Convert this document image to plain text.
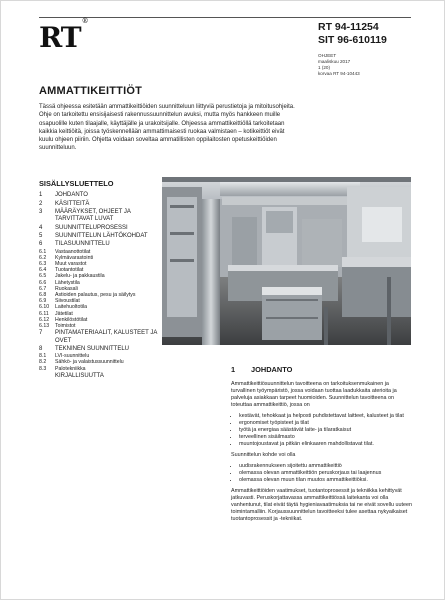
RT®
RT 94-11254
SIT 96-610119
OHJEET
maaliskuu 2017
1 (20)
korvaa RT 94-10443
AMMATTIKEITTIÖT

Tässä ohjeessa esitetään ammattikeittiöiden suunnitteluun liittyviä perustietoja ja mitoitusohjeita. Ohje on tarkoitettu ensisijaisesti rakennussuunnittelun avuksi, mutta myös hankkeen muille osapuolille kuten tilaajalle, käyttäjälle ja urakoitsijalle. Ohjeessa ammattikeittiöllä tarkoitetaan kaikkia keittiöitä, joissa työskennellään ammattimaisesti ruokaa valmistaen – kotikeittiöt eivät kuulu ohjeen piiriin. Ohjetta voidaan soveltaa ammatillisten oppilaitosten opetuskeittiöiden suunnitteluun.

SISÄLLYSLUETTELO
1	JOHDANTO
2	KÄSITTEITÄ
3	MÄÄRÄYKSET, OHJEET JA TARVITTAVAT LUVAT
4	SUUNNITTELUPROSESSI
5	SUUNNITTELUN LÄHTÖKOHDAT
6	TILASUUNNITTELU
6.1	Vastaanottotilat
6.2	Kylmävarastointi
6.3	Muut varastot
6.4	Tuotantotilat
6.5	Jakelu- ja pakkaustila
6.6	Lähetystila
6.7	Ruokasali
6.8	Astioiden palautus, pesu ja säilytys
6.9	Siivoustilat
6.10	Laitehuoltotila
6.11	Jätetilat
6.12	Henkilöstötilat
6.13	Toimistot
7	PINTAMATERIAALIT, KALUSTEET JA OVET
8	TEKNINEN SUUNNITTELU
8.1	LVI-suunnittelu
8.2	Sähkö- ja valaistussuunnittelu
8.3	Palotekniikka
KIRJALLISUUTTA
1 JOHDANTO

Ammattikeittiösuunnittelun tavoitteena on tarkoituksenmukainen ja turvallinen työympäristö, jossa voidaan tuottaa laadukkaita aterioita ja palveluja asiakkaan tarpeet huomioiden. Suunnittelun tavoitteena on toteuttaa ammattikeittiö, jossa on

• kestävät, tehokkaat ja helposti puhdistettavat laitteet, kalusteet ja tilat
• ergonomiset työpisteet ja tilat
• työtä ja energiaa säästävät laite- ja tilaratkaisut
• terveellinen sisäilmasto
• muuntojoustavat ja pitkän elinkaaren mahdollistavat tilat.

Suunnittelun kohde voi olla

• uudisrakennukseen sijoitettu ammattikeittiö
• olemassa olevan ammattikeittiön peruskorjaus tai laajennus
• olemassa olevan muun tilan muutos ammattikeittiöksi.

Ammattikeittiöiden vaatimukset, tuotantoprosessit ja tekniikka kehittyvät jatkuvasti. Peruskorjattavassa ammattikeittiössä laitekanta voi olla vanhentunut, tilat eivät täytä hygieniavaatimuksia tai ne eivät sovellu uuteen toimintamalliin. Korjaussuunnittelun tavoitteeksi tulee asettaa nykyaikaiset tuotantoprosessit ja -tekniikat.
